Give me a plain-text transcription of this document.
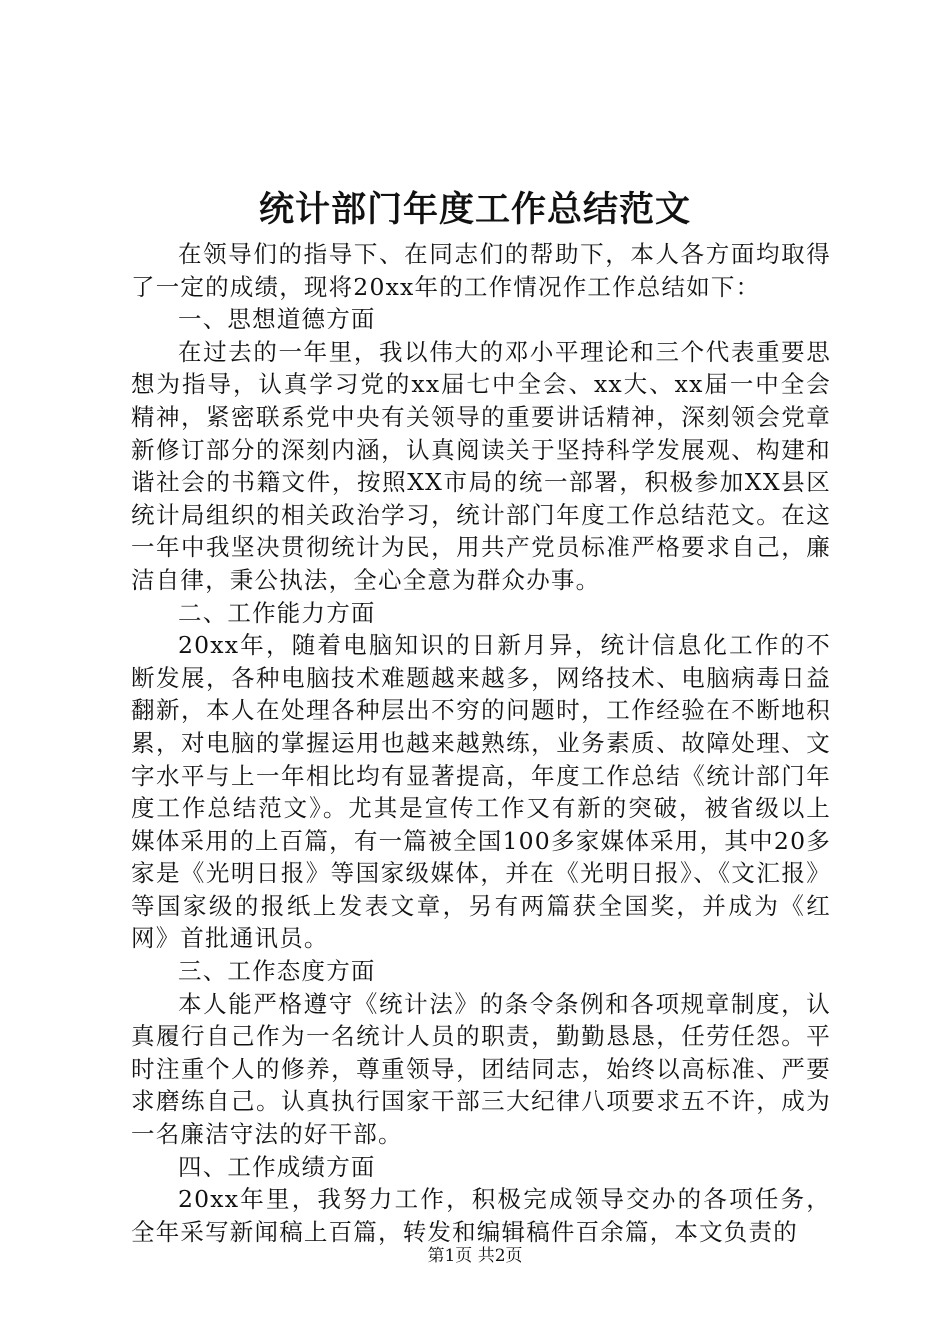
统计部门年度工作总结范文

在领导们的指导下、在同志们的帮助下，本人各方面均取得了一定的成绩，现将20xx年的工作情况作工作总结如下：

一、思想道德方面

在过去的一年里，我以伟大的邓小平理论和三个代表重要思想为指导，认真学习党的xx届七中全会、xx大、xx届一中全会精神，紧密联系党中央有关领导的重要讲话精神，深刻领会党章新修订部分的深刻内涵，认真阅读关于坚持科学发展观、构建和谐社会的书籍文件，按照XX市局的统一部署，积极参加XX县区统计局组织的相关政治学习，统计部门年度工作总结范文。在这一年中我坚决贯彻统计为民，用共产党员标准严格要求自己，廉洁自律，秉公执法，全心全意为群众办事。

二、工作能力方面

20xx年，随着电脑知识的日新月异，统计信息化工作的不断发展，各种电脑技术难题越来越多，网络技术、电脑病毒日益翻新，本人在处理各种层出不穷的问题时，工作经验在不断地积累，对电脑的掌握运用也越来越熟练，业务素质、故障处理、文字水平与上一年相比均有显著提高，年度工作总结《统计部门年度工作总结范文》。尤其是宣传工作又有新的突破，被省级以上媒体采用的上百篇，有一篇被全国100多家媒体采用，其中20多家是《光明日报》等国家级媒体，并在《光明日报》、《文汇报》等国家级的报纸上发表文章，另有两篇获全国奖，并成为《红网》首批通讯员。

三、工作态度方面

本人能严格遵守《统计法》的条令条例和各项规章制度，认真履行自己作为一名统计人员的职责，勤勤恳恳，任劳任怨。平时注重个人的修养，尊重领导，团结同志，始终以高标准、严要求磨练自己。认真执行国家干部三大纪律八项要求五不许，成为一名廉洁守法的好干部。

四、工作成绩方面

20xx年里，我努力工作，积极完成领导交办的各项任务，全年采写新闻稿上百篇，转发和编辑稿件百余篇，本文负责的

第1页 共2页
